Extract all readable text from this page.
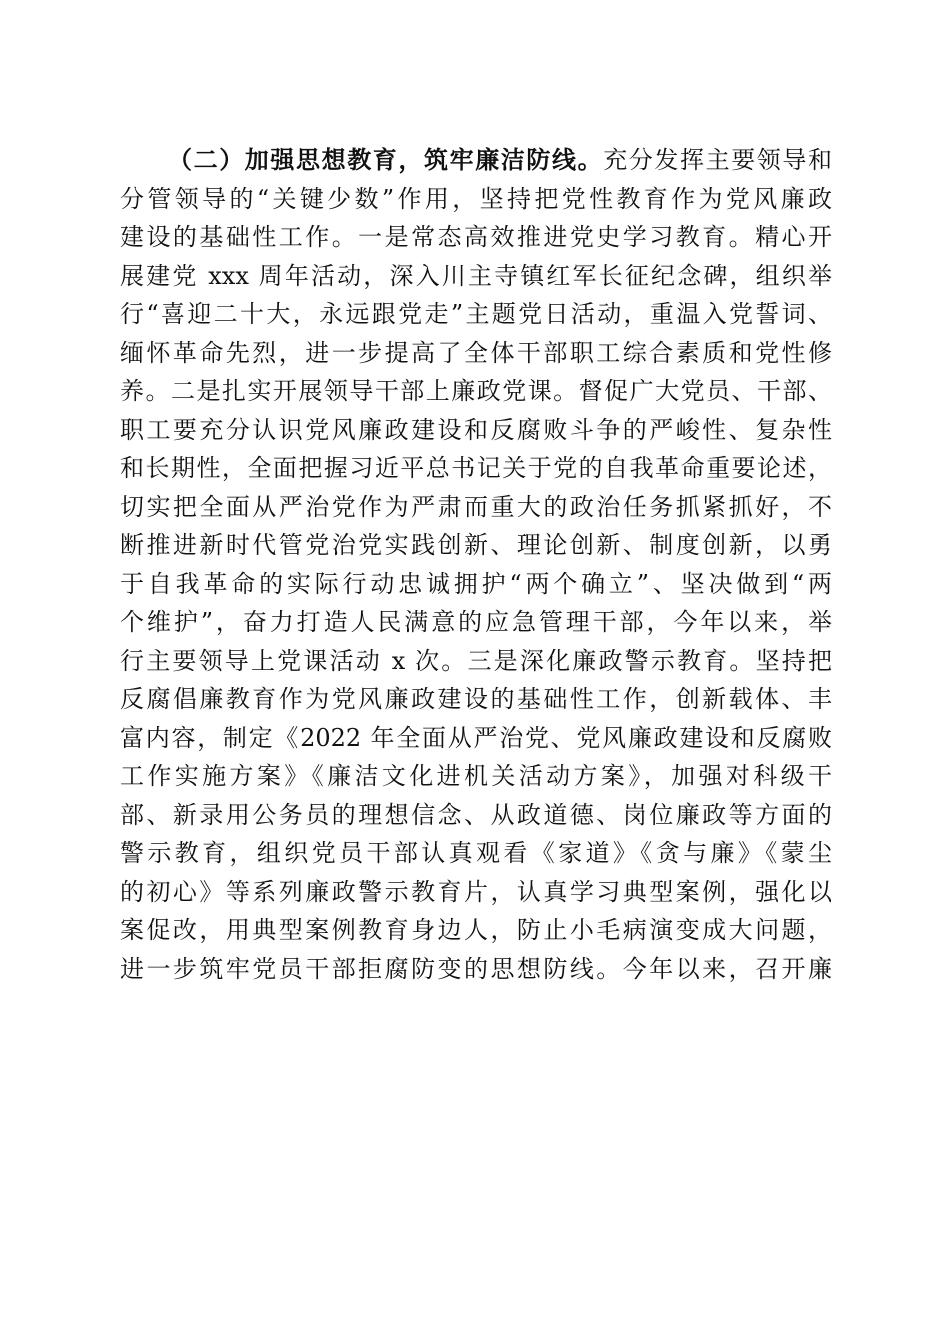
（二）加强思想教育，筑牢廉洁防线。充分发挥主要领导和
分管领导的“关键少数”作用，坚持把党性教育作为党风廉政
建设的基础性工作。一是常态高效推进党史学习教育。精心开
展建党 xxx 周年活动，深入川主寺镇红军长征纪念碑，组织举
行“喜迎二十大，永远跟党走”主题党日活动，重温入党誓词、
缅怀革命先烈，进一步提高了全体干部职工综合素质和党性修
养。二是扎实开展领导干部上廉政党课。督促广大党员、干部、
职工要充分认识党风廉政建设和反腐败斗争的严峻性、复杂性
和长期性，全面把握习近平总书记关于党的自我革命重要论述，
切实把全面从严治党作为严肃而重大的政治任务抓紧抓好，不
断推进新时代管党治党实践创新、理论创新、制度创新，以勇
于自我革命的实际行动忠诚拥护“两个确立”、坚决做到“两
个维护”，奋力打造人民满意的应急管理干部，今年以来，举
行主要领导上党课活动 x 次。三是深化廉政警示教育。坚持把
反腐倡廉教育作为党风廉政建设的基础性工作，创新载体、丰
富内容，制定《2022 年全面从严治党、党风廉政建设和反腐败
工作实施方案》《廉洁文化进机关活动方案》，加强对科级干
部、新录用公务员的理想信念、从政道德、岗位廉政等方面的
警示教育，组织党员干部认真观看《家道》《贪与廉》《蒙尘
的初心》等系列廉政警示教育片，认真学习典型案例，强化以
案促改，用典型案例教育身边人，防止小毛病演变成大问题，
进一步筑牢党员干部拒腐防变的思想防线。今年以来，召开廉
